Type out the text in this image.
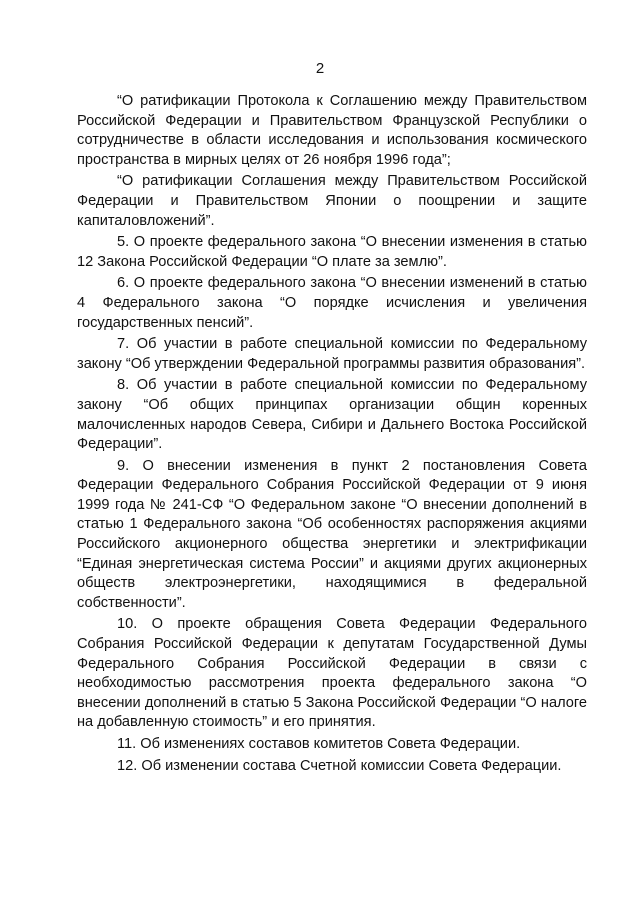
2

“О ратификации Протокола к Соглашению между Правительством Российской Федерации и Правительством Французской Республики о сотрудничестве в области исследования и использования космического пространства в мирных целях от 26 ноября 1996 года”;

“О ратификации Соглашения между Правительством Российской Федерации и Правительством Японии о поощрении и защите капиталовложений”.

5. О проекте федерального закона “О внесении изменения в статью 12 Закона Российской Федерации “О плате за землю”.

6. О проекте федерального закона “О внесении изменений в статью 4 Федерального закона “О порядке исчисления и увеличения государственных пенсий”.

7. Об участии в работе специальной комиссии по Федеральному закону “Об утверждении Федеральной программы развития образования”.

8. Об участии в работе специальной комиссии по Федеральному закону “Об общих принципах организации общин коренных малочисленных народов Севера, Сибири и Дальнего Востока Российской Федерации”.

9. О внесении изменения в пункт 2 постановления Совета Федерации Федерального Собрания Российской Федерации от 9 июня 1999 года № 241-СФ “О Федеральном законе “О внесении дополнений в статью 1 Федерального закона “Об особенностях распоряжения акциями Российского акционерного общества энергетики и электрификации “Единая энергетическая система России” и акциями других акционерных обществ электроэнергетики, находящимися в федеральной собственности”.

10. О проекте обращения Совета Федерации Федерального Собрания Российской Федерации к депутатам Государственной Думы Федерального Собрания Российской Федерации в связи с необходимостью рассмотрения проекта федерального закона “О внесении дополнений в статью 5 Закона Российской Федерации “О налоге на добавленную стоимость” и его принятия.

11. Об изменениях составов комитетов Совета Федерации.

12. Об изменении состава Счетной комиссии Совета Федерации.
